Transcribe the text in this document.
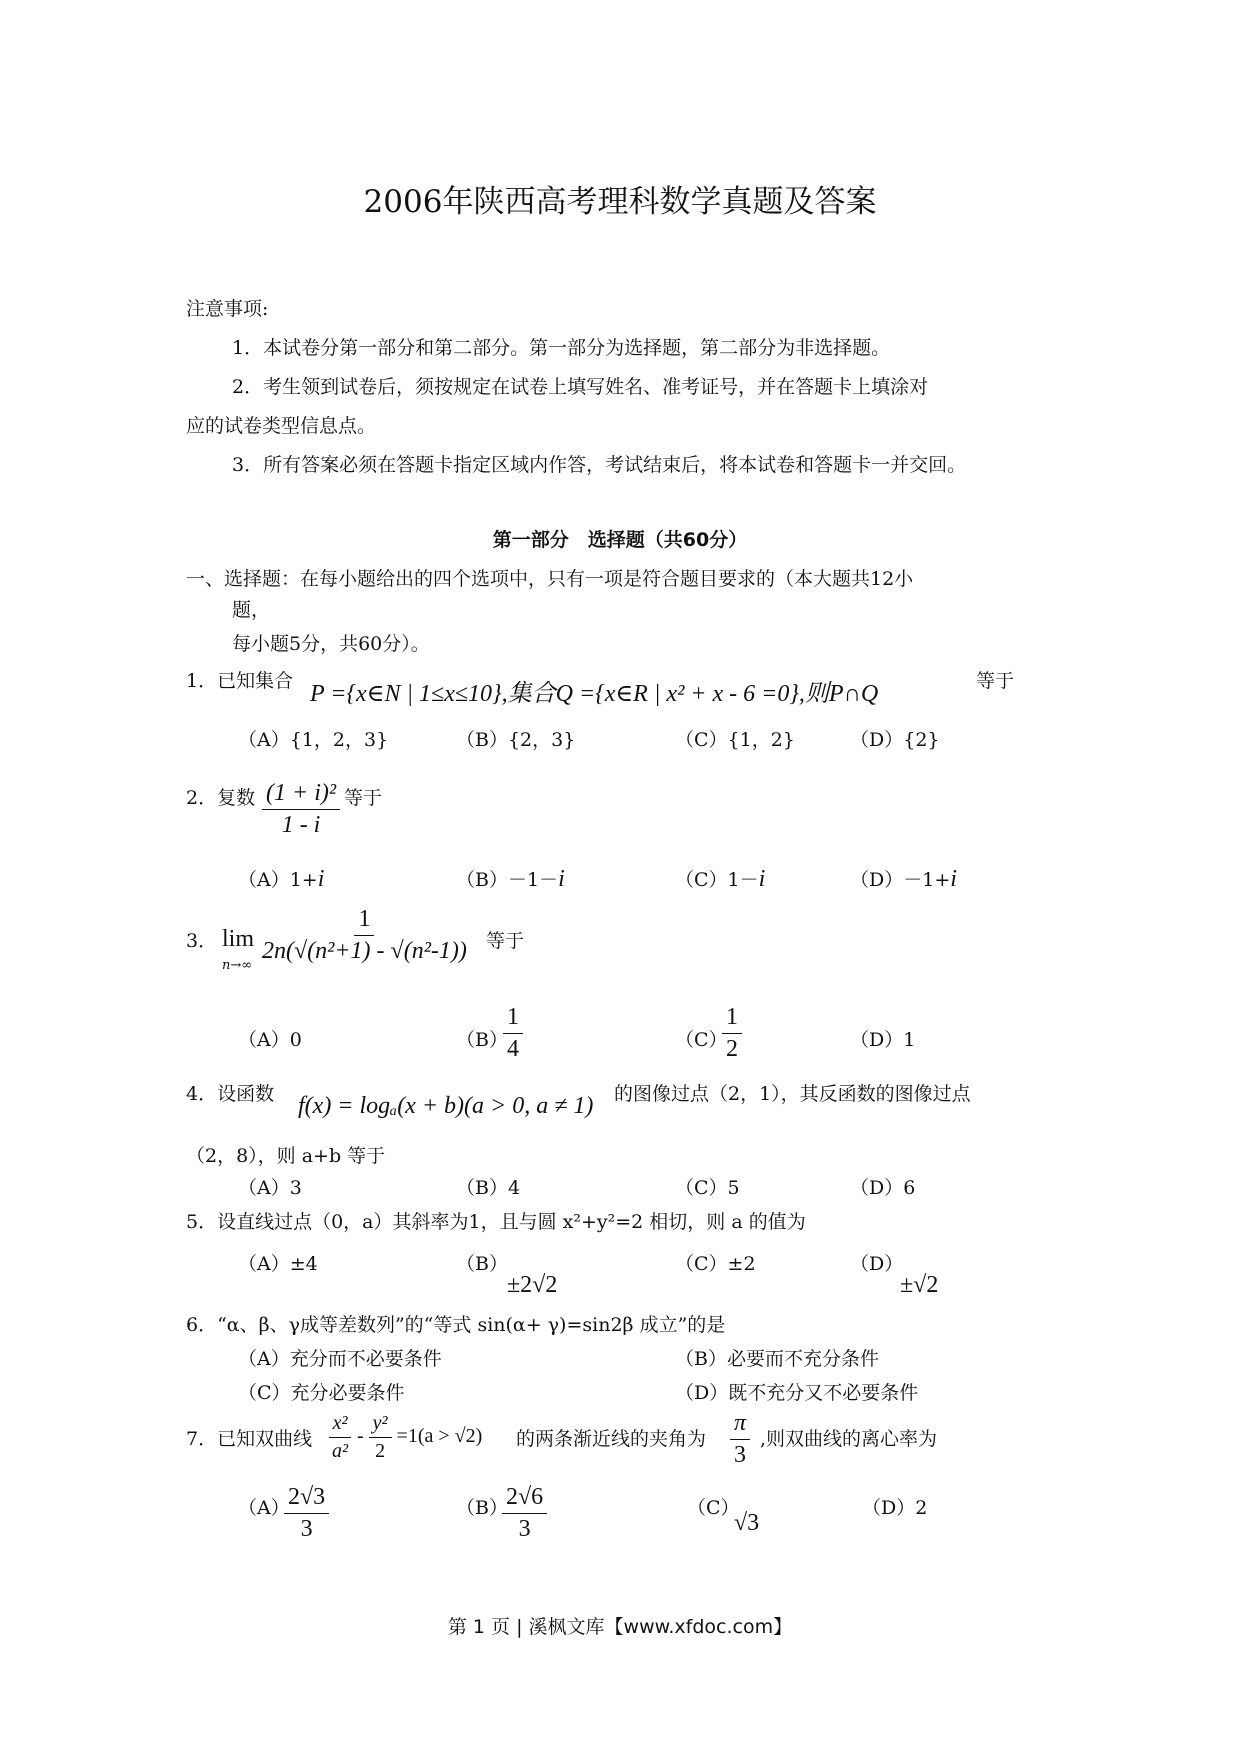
2006年陕西高考理科数学真题及答案
注意事项:
1．本试卷分第一部分和第二部分。第一部分为选择题，第二部分为非选择题。
2．考生领到试卷后，须按规定在试卷上填写姓名、准考证号，并在答题卡上填涂对
应的试卷类型信息点。
3．所有答案必须在答题卡指定区域内作答，考试结束后，将本试卷和答题卡一并交回。
第一部分　选择题（共60分）
一、选择题：在每小题给出的四个选项中，只有一项是符合题目要求的（本大题共12小
题，
每小题5分，共60分）。
1．已知集合 P ={x∈N | 1≤x≤10},集合Q ={x∈R | x² + x - 6 =0},则P∩Q	等于
（A）{1，2，3}	（B）{2，3}	（C）{1，2}	（D）{2}
2．复数 $\frac{\text{(1 + i)²}}{1 - i}$ 等于
（A）1+i	（B）－1－i	（C）1－i	（D）－1+i
3． lim
n→∞
$\frac{1}{\text{2n(√(n²+1) - √(n²-1))}}$ 等于
（A）0	（B）
$\frac{1}{4}$	（C）
$\frac{1}{2}$	（D）1
4．设函数 f(x) = logₐ(x + b)(a > 0, a ≠ 1) 的图像过点（2，1），其反函数的图像过点
（2，8），则 a+b 等于
（A）3	（B）4	（C）5	（D）6
5．设直线过点（0，a）其斜率为1，且与圆 x²+y²=2 相切，则 a 的值为
（A）±4	（B）
±2√2
（C）±2	（D）
±√2
6．“α、β、γ成等差数列”的“等式 sin(α+ γ)=sin2β 成立”的是
（A）充分而不必要条件	（B）必要而不充分条件
（C）充分必要条件	（D）既不充分又不必要条件
7．已知双曲线 $\frac{\text{x²}}{\text{a²}} - \frac{\text{y²}}{2} =1(a > √2)$ 的两条渐近线的夹角为 $\frac{\pi}{3}$ ,则双曲线的离心率为
（A）
$\frac{2√3}{3}$	（B）
$\frac{2√6}{3}$	（C）
√3
（D）2
第 1 页 | 溪枫文库【www.xfdoc.com】
